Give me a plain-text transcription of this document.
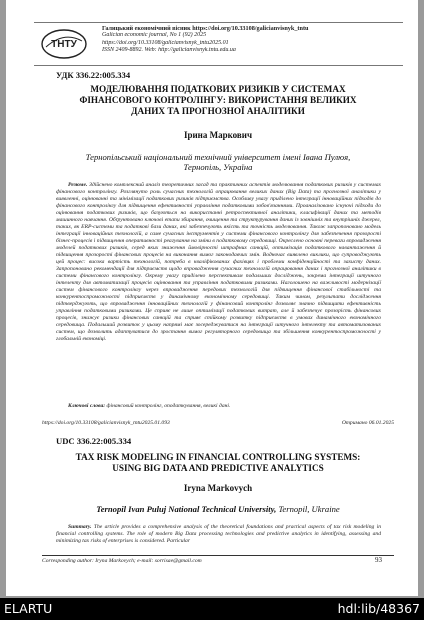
ТНТУ
Галицький економічний вісник https://doi.org/10.33108/galicianvisnyk_tntu
Galician economic journal, No 1 (92) 2025
https://doi.org/10.33108/galicianvisnyk_tntu2025.01
ISSN 2409-8892. Web: http://galicianvisnyk.tntu.edu.ua
УДК 336.22:005.334
МОДЕЛЮВАННЯ ПОДАТКОВИХ РИЗИКІВ У СИСТЕМАХ
ФІНАНСОВОГО КОНТРОЛІНГУ: ВИКОРИСТАННЯ ВЕЛИКИХ
ДАНИХ ТА ПРОГНОЗНОЇ АНАЛІТИКИ
Ірина Маркович
Тернопільський національний технічний університет імені Івана Пулюя,
Тернопіль, Україна
Резюме. Здійснено комплексний аналіз теоретичних засад та практичних аспектів моделювання податкових ризиків у системах фінансового контролінгу. Розглянуто роль сучасних технологій опрацювання великих даних (Big Data) та прогнозної аналітики у виявленні, оцінюванні та мінімізації податкових ризиків підприємства. Особливу увагу приділено інтеграції інноваційних підходів до фінансового контролінгу для підвищення ефективності управління податковими зобов'язаннями. Проаналізовано існуючі підходи до оцінювання податкових ризиків, що базуються на використанні ретроспективної аналітики, класифікації даних та методів машинного навчання. Обґрунтовано ключові етапи збирання, очищення та структурування даних із зовнішніх та внутрішніх джерел, таких, як ERP-системи та податкові бази даних, які забезпечують якість та точність моделювання. Також запропоновано модель інтеграції інноваційних технологій, а саме сучасних інструментів у системи фінансового контролінгу для забезпечення прозорості бізнес-процесів і підвищення оперативності реагування на зміни в податковому середовищі. Окреслено основні переваги впровадження моделей податкових ризиків, серед яких зниження ймовірності штрафних санкцій, оптимізація податкового навантаження й підвищення прозорості фінансових процесів на виконання вимог законодавчих змін. Водночас виявлено виклики, що супроводжують цей процес: висока вартість технологій, потреба в кваліфікованих фахівцях і проблеми конфіденційності та захисту даних. Запропоновано рекомендації для підприємств щодо впровадження сучасних технологій опрацювання даних і прогнозної аналітики в системи фінансового контролінгу. Окрему увагу приділено перспективам подальших досліджень, зокрема інтеграції штучного інтелекту для автоматизації процесів оцінювання та управління податковими ризиками. Наголошено на важливості модернізації систем фінансового контролінгу через впровадження передових технологій для підвищення фінансової стабільності та конкурентоспроможності підприємств у динамічному економічному середовищі. Таким чином, результати дослідження підтверджують, що впровадження інноваційних технологій у фінансовий контролінг дозволяє значно підвищити ефективність управління податковими ризиками. Це сприяє не лише оптимізації податкових витрат, але й забезпечує прозорість фінансових процесів, знижує ризики фінансових санкцій та сприяє стійкому розвитку підприємств в умовах динамічного економічного середовища. Подальший розвиток у цьому напрямі має зосереджуватися на інтеграції штучного інтелекту та автоматизованих систем, що дозволить адаптуватися до зростання вимог регуляторного середовища та збільшення конкурентоспроможності у глобальній економіці.
Ключові слова: фінансовий контролінг, оподаткування, великі дані.
https://doi.org/10.33108/galicianvisnyk_tntu2025.01.093	Отримано 06.01.2025
UDC 336.22:005.334
TAX RISK MODELING IN FINANCIAL CONTROLLING SYSTEMS:
USING BIG DATA AND PREDICTIVE ANALYTICS
Iryna Markovych
Ternopil Ivan Puluj National Technical University, Ternopil, Ukraine
Summary. The article provides a comprehensive analysis of the theoretical foundations and practical aspects of tax risk modeling in financial controlling systems. The role of modern Big Data processing technologies and predictive analytics in identifying, assessing and minimizing tax risks of enterprises is considered. Particular
Corresponding author: Iryna Markovych; e-mail: sorrisae@gmail.com	93
ELARTU	hdl:lib/48367
